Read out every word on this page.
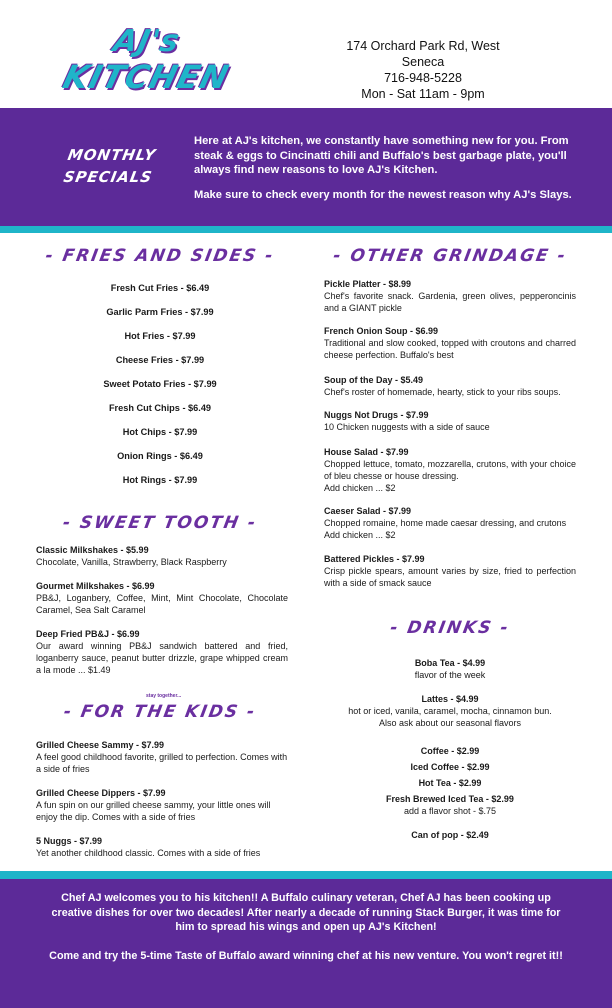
AJ's
KITCHEN
174 Orchard Park Rd, West Seneca
716-948-5228
Mon - Sat 11am - 9pm
MONTHLY
SPECIALS

Here at AJ's kitchen, we constantly have something new for you. From steak & eggs to Cincinatti chili and Buffalo's best garbage plate, you'll always find new reasons to love AJ's Kitchen.

Make sure to check every month for the newest reason why AJ's Slays.

- FRIES AND SIDES -
Fresh Cut Fries - $6.49
Garlic Parm Fries - $7.99
Hot Fries - $7.99
Cheese Fries - $7.99
Sweet Potato Fries - $7.99
Fresh Cut Chips - $6.49
Hot Chips - $7.99
Onion Rings - $6.49
Hot Rings - $7.99
- SWEET TOOTH -
Classic Milkshakes - $5.99
Chocolate, Vanilla, Strawberry, Black Raspberry
Gourmet Milkshakes - $6.99
PB&J, Loganbery, Coffee, Mint, Mint Chocolate, Chocolate Caramel, Sea Salt Caramel
Deep Fried PB&J - $6.99
Our award winning PB&J sandwich battered and fried, loganberry sauce, peanut butter drizzle, grape whipped cream a la mode ... $1.49
stay together...
- FOR THE KIDS -
Grilled Cheese Sammy - $7.99
A feel good childhood favorite, grilled to perfection. Comes with a side of fries
Grilled Cheese Dippers - $7.99
A fun spin on our grilled cheese sammy, your little ones will enjoy the dip. Comes with a side of fries
5 Nuggs - $7.99
Yet another childhood classic. Comes with a side of fries
- OTHER GRINDAGE -
Pickle Platter - $8.99
Chef's favorite snack. Gardenia, green olives, pepperoncinis and a GIANT pickle
French Onion Soup - $6.99
Traditional and slow cooked, topped with croutons and charred cheese perfection. Buffalo's best
Soup of the Day - $5.49
Chef's roster of homemade, hearty, stick to your ribs soups.
Nuggs Not Drugs - $7.99
10 Chicken nuggests with a side of sauce
House Salad - $7.99
Chopped lettuce, tomato, mozzarella, crutons, with your choice of bleu chesse or house dressing.
Add chicken ... $2
Caeser Salad - $7.99
Chopped romaine, home made caesar dressing, and crutons
Add chicken ... $2
Battered Pickles - $7.99
Crisp pickle spears, amount varies by size, fried to perfection with a side of smack sauce
- DRINKS -
Boba Tea - $4.99
flavor of the week
Lattes - $4.99
hot or iced, vanila, caramel, mocha, cinnamon bun.
Also ask about our seasonal flavors
Coffee - $2.99
Iced Coffee - $2.99
Hot Tea - $2.99
Fresh Brewed Iced Tea - $2.99
add a flavor shot - $.75
Can of pop - $2.49

Chef AJ welcomes you to his kitchen!! A Buffalo culinary veteran, Chef AJ has been cooking up creative dishes for over two decades! After nearly a decade of running Stack Burger, it was time for him to spread his wings and open up AJ's Kitchen!

Come and try the 5-time Taste of Buffalo award winning chef at his new venture. You won't regret it!!
